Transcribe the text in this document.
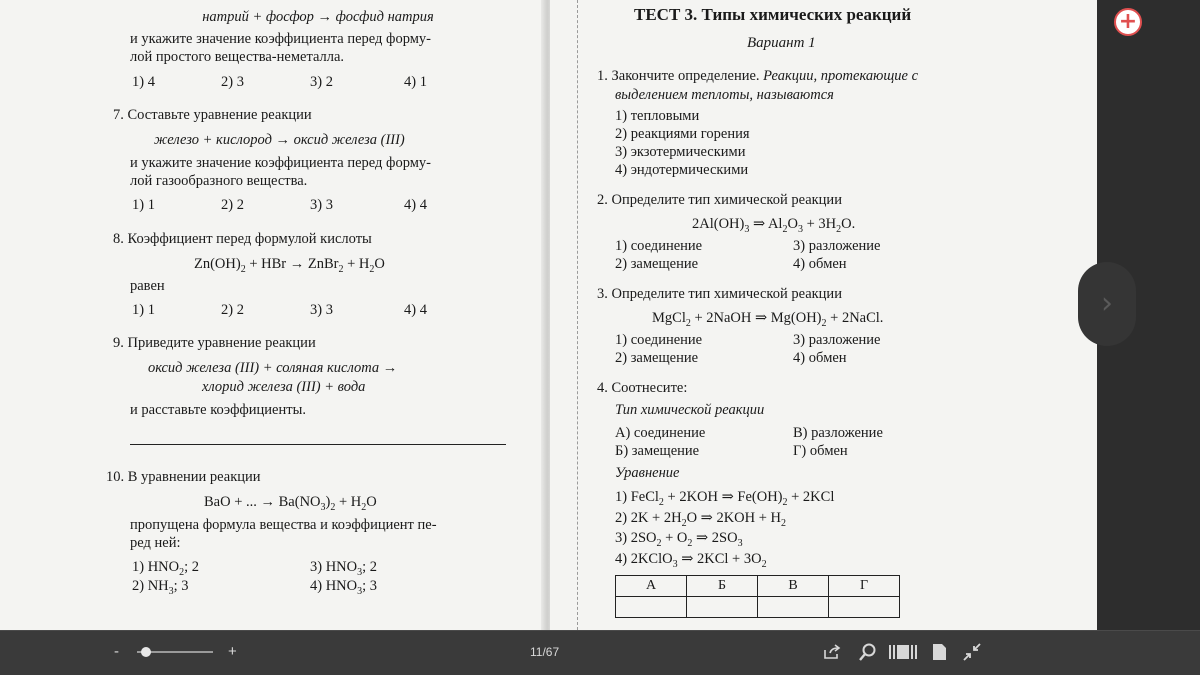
натрий + фосфор → фосфид натрия
и укажите значение коэффициента перед форму-
лой простого вещества-неметалла.
1) 4	2) 3	3) 2	4) 1
7. Составьте уравнение реакции
железо + кислород → оксид железа (III)
и укажите значение коэффициента перед форму-
лой газообразного вещества.
1) 1	2) 2	3) 3	4) 4
8. Коэффициент перед формулой кислоты
$Zn(OH)_2$ + HBr → ZnBr$_2$ + $H_2O$
равен
1) 1	2) 2	3) 3	4) 4
9. Приведите уравнение реакции
оксид железа (III) + соляная кислота →
хлорид железа (III) + вода
и расставьте коэффициенты.
10. В уравнении реакции
BaO + ... → $Ba(NO_3)_2 + H_2O$
пропущена формула вещества и коэффициент пе-
ред ней:
1) $HNO_2$; 2	3) $HNO_3$; 2
2) $NH_3$; 3	4) $HNO_3$; 3
ТЕСТ 3. Типы химических реакций
Вариант 1
1. Закончите определение. Реакции, протекающие с
выделением теплоты, называются
1) тепловыми
2) реакциями горения
3) экзотермическими
4) эндотермическими
2. Определите тип химической реакции
$2Al(OH)_3$ ⇒ $Al_2O_3 + 3H_2O$.
1) соединение	3) разложение
2) замещение	4) обмен
3. Определите тип химической реакции
MgCl$_2$ + 2NaOH ⇒ $Mg(OH)_2$ + 2NaCl.
1) соединение	3) разложение
2) замещение	4) обмен
4. Соотнесите:
Тип химической реакции
А) соединение	В) разложение
Б) замещение	Г) обмен
Уравнение
1) FeCl$_2$ + 2KOH ⇒ $Fe(OH)_2 + 2KCl$
2) $2K + 2H_2O$ ⇒ $2KOH + H_2$
3) $2SO_2 + O_2$ ⇒ $2SO_3$
4) 2KClO$_3$ ⇒ $2KCl + 3O_2$
А	Б	В	Г

+
›
-	+	11/67
